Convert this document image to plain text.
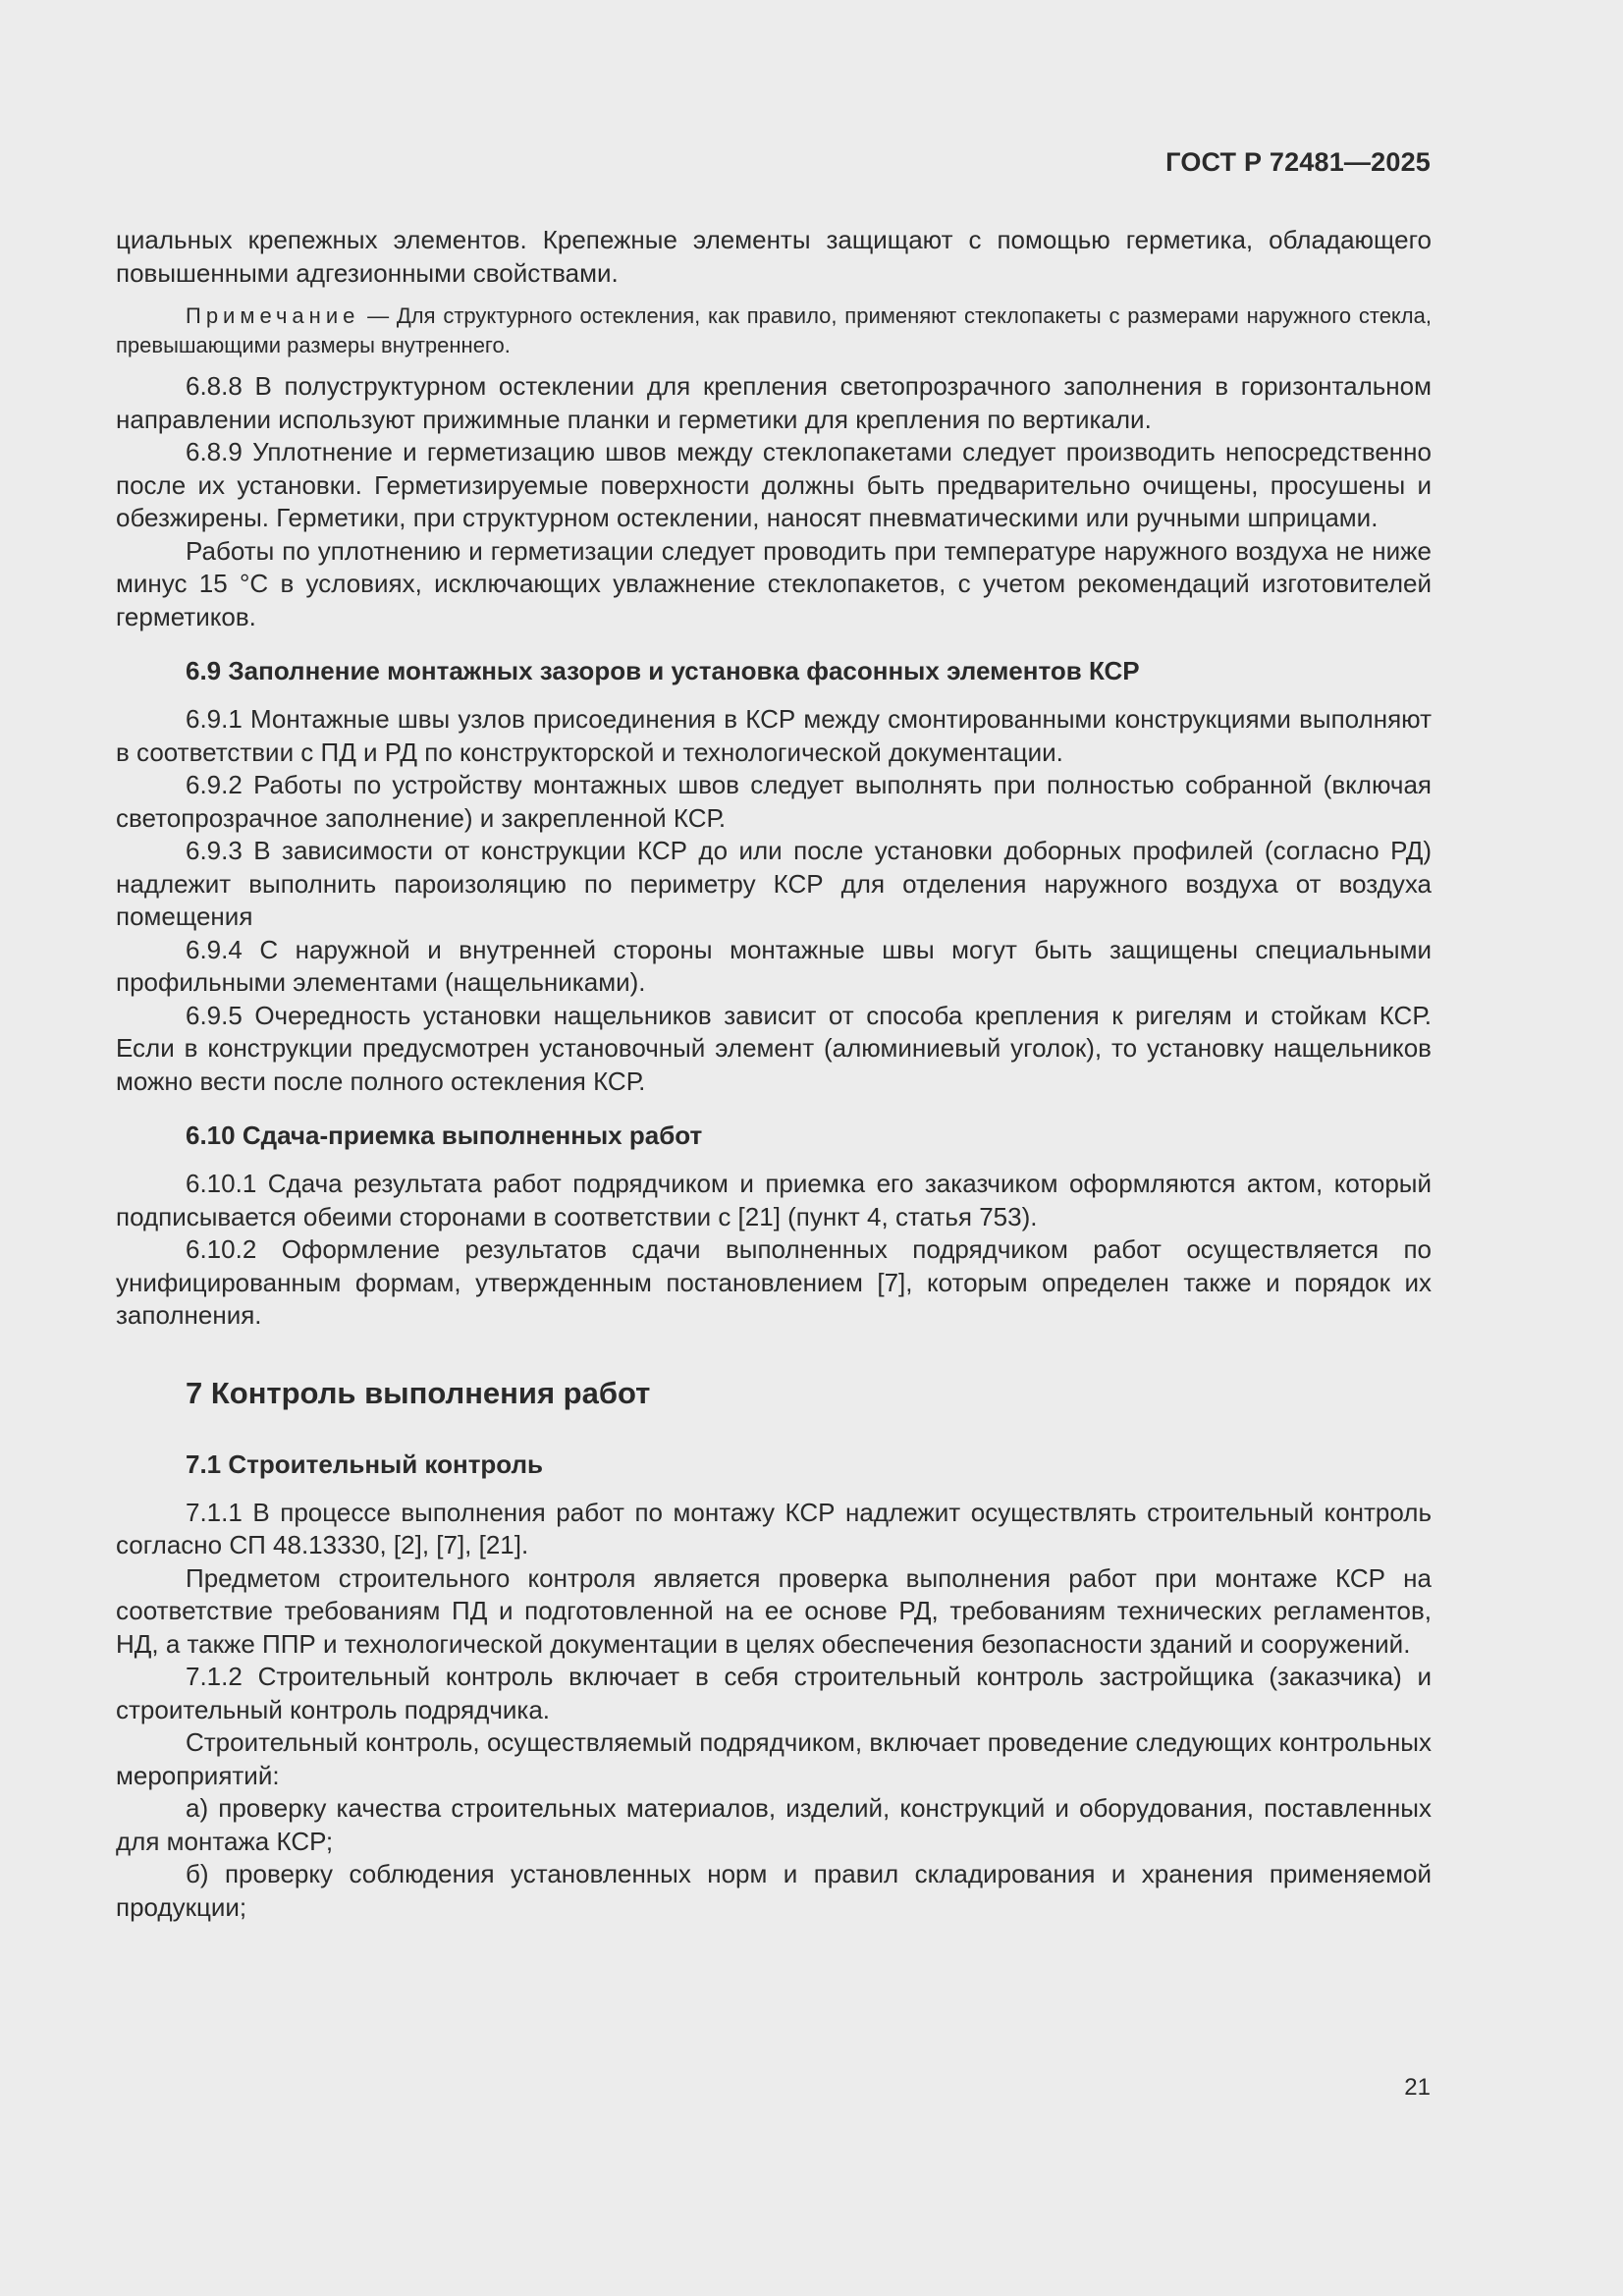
ГОСТ Р 72481—2025

циальных крепежных элементов. Крепежные элементы защищают с помощью герметика, обладающего повышенными адгезионными свойствами.

Примечание — Для структурного остекления, как правило, применяют стеклопакеты с размерами наружного стекла, превышающими размеры внутреннего.

6.8.8 В полуструктурном остеклении для крепления светопрозрачного заполнения в горизонтальном направлении используют прижимные планки и герметики для крепления по вертикали.

6.8.9 Уплотнение и герметизацию швов между стеклопакетами следует производить непосредственно после их установки. Герметизируемые поверхности должны быть предварительно очищены, просушены и обезжирены. Герметики, при структурном остеклении, наносят пневматическими или ручными шприцами.

Работы по уплотнению и герметизации следует проводить при температуре наружного воздуха не ниже минус 15 °С в условиях, исключающих увлажнение стеклопакетов, с учетом рекомендаций изготовителей герметиков.

6.9 Заполнение монтажных зазоров и установка фасонных элементов КСР

6.9.1 Монтажные швы узлов присоединения в КСР между смонтированными конструкциями выполняют в соответствии с ПД и РД по конструкторской и технологической документации.

6.9.2 Работы по устройству монтажных швов следует выполнять при полностью собранной (включая светопрозрачное заполнение) и закрепленной КСР.

6.9.3 В зависимости от конструкции КСР до или после установки доборных профилей (согласно РД) надлежит выполнить пароизоляцию по периметру КСР для отделения наружного воздуха от воздуха помещения

6.9.4 С наружной и внутренней стороны монтажные швы могут быть защищены специальными профильными элементами (нащельниками).

6.9.5 Очередность установки нащельников зависит от способа крепления к ригелям и стойкам КСР. Если в конструкции предусмотрен установочный элемент (алюминиевый уголок), то установку нащельников можно вести после полного остекления КСР.

6.10 Сдача-приемка выполненных работ

6.10.1 Сдача результата работ подрядчиком и приемка его заказчиком оформляются актом, который подписывается обеими сторонами в соответствии с [21] (пункт 4, статья 753).

6.10.2 Оформление результатов сдачи выполненных подрядчиком работ осуществляется по унифицированным формам, утвержденным постановлением [7], которым определен также и порядок их заполнения.

7 Контроль выполнения работ
7.1 Строительный контроль

7.1.1 В процессе выполнения работ по монтажу КСР надлежит осуществлять строительный контроль согласно СП 48.13330, [2], [7], [21].

Предметом строительного контроля является проверка выполнения работ при монтаже КСР на соответствие требованиям ПД и подготовленной на ее основе РД, требованиям технических регламентов, НД, а также ППР и технологической документации в целях обеспечения безопасности зданий и сооружений.

7.1.2 Строительный контроль включает в себя строительный контроль застройщика (заказчика) и строительный контроль подрядчика.

Строительный контроль, осуществляемый подрядчиком, включает проведение следующих контрольных мероприятий:

а) проверку качества строительных материалов, изделий, конструкций и оборудования, поставленных для монтажа КСР;

б) проверку соблюдения установленных норм и правил складирования и хранения применяемой продукции;

21
